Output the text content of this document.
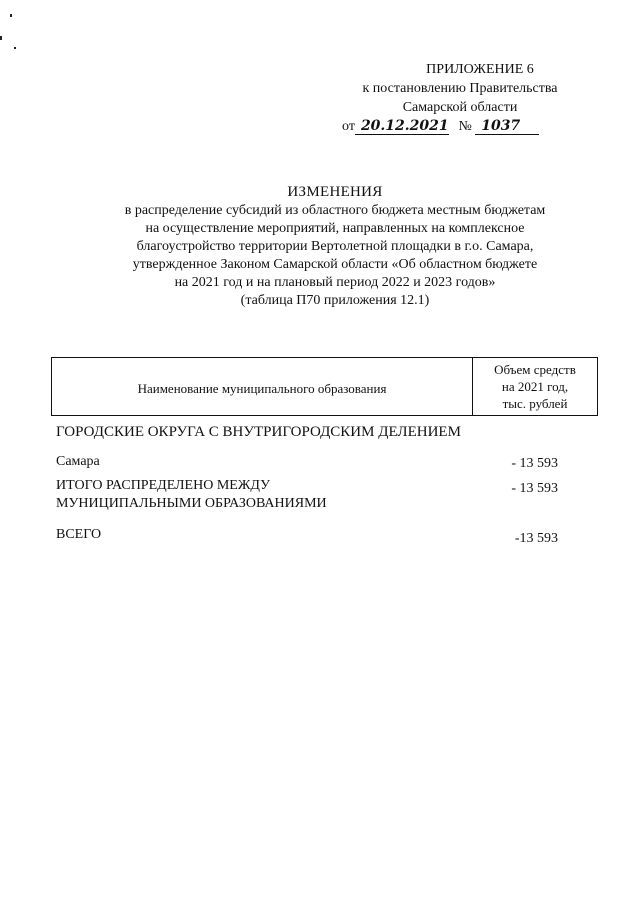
ПРИЛОЖЕНИЕ 6
к постановлению Правительства
Самарской области
от 20.12.2021 № 1037
ИЗМЕНЕНИЯ
в распределение субсидий из областного бюджета местным бюджетам
на осуществление мероприятий, направленных на комплексное
благоустройство территории Вертолетной площадки в г.о. Самара,
утвержденное Законом Самарской области «Об областном бюджете
на 2021 год и на плановый период 2022 и 2023 годов»
(таблица П70 приложения 12.1)
Наименование муниципального образования	
Объем средств
на 2021 год,
тыс. рублей
ГОРОДСКИЕ ОКРУГА С ВНУТРИГОРОДСКИМ ДЕЛЕНИЕМ
Самара	- 13 593
ИТОГО РАСПРЕДЕЛЕНО МЕЖДУ
МУНИЦИПАЛЬНЫМИ ОБРАЗОВАНИЯМИ
- 13 593
ВСЕГО	-13 593
